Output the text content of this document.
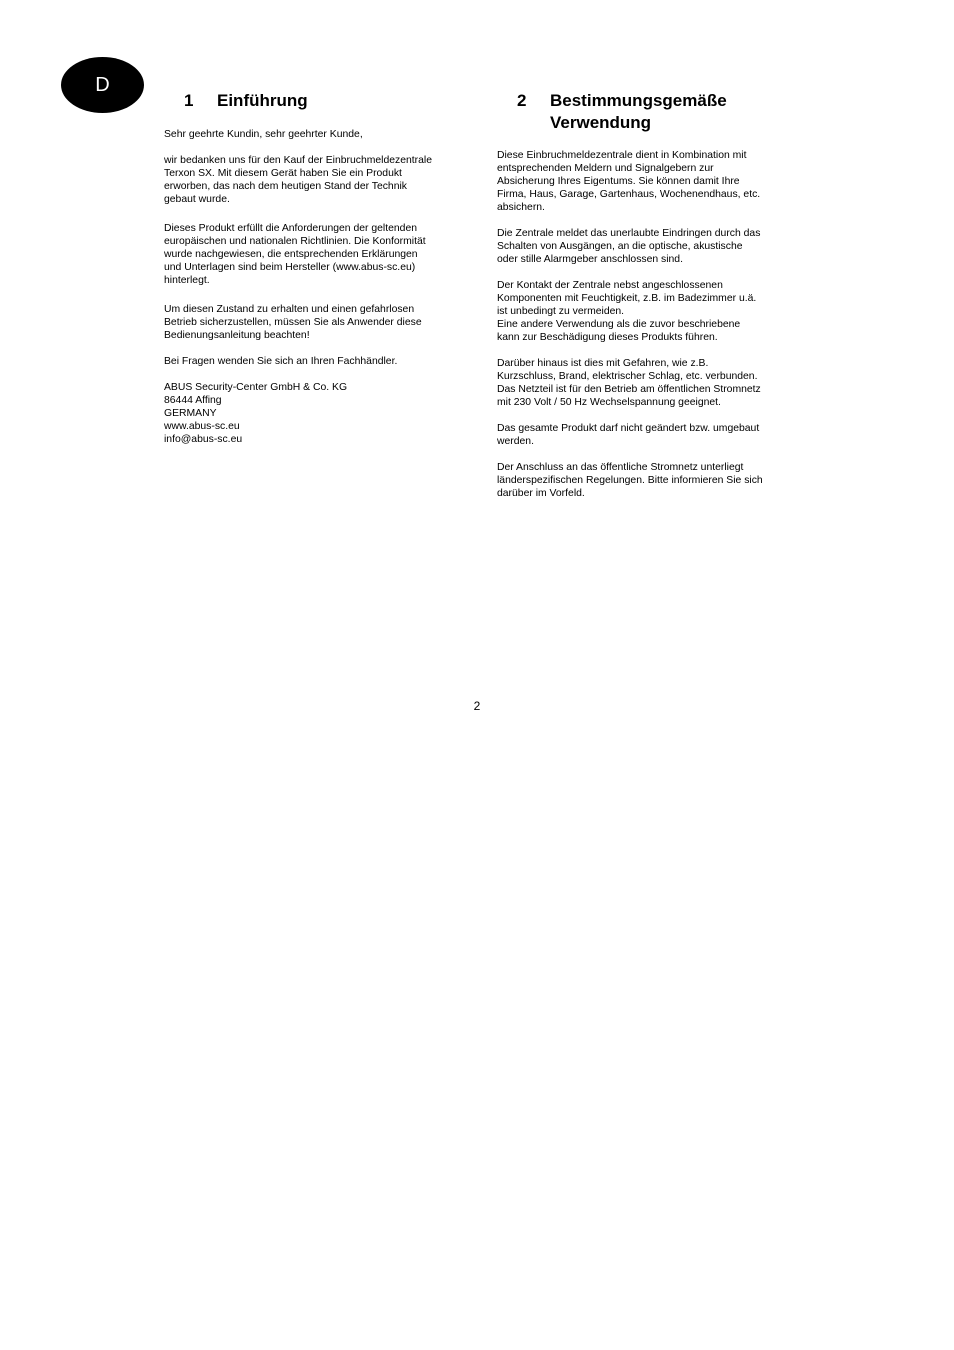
D
1	Einführung	2	Bestimmungsgemäße
Verwendung

Sehr geehrte Kundin, sehr geehrter Kunde,

wir bedanken uns für den Kauf der Einbruchmeldezentrale
Terxon SX. Mit diesem Gerät haben Sie ein Produkt
erworben, das nach dem heutigen Stand der Technik
gebaut wurde.

Dieses Produkt erfüllt die Anforderungen der geltenden
europäischen und nationalen Richtlinien. Die Konformität
wurde nachgewiesen, die entsprechenden Erklärungen
und Unterlagen sind beim Hersteller (www.abus-sc.eu)
hinterlegt.

Um diesen Zustand zu erhalten und einen gefahrlosen
Betrieb sicherzustellen, müssen Sie als Anwender diese
Bedienungsanleitung beachten!

Bei Fragen wenden Sie sich an Ihren Fachhändler.

ABUS Security-Center GmbH & Co. KG
86444 Affing
GERMANY
www.abus-sc.eu
info@abus-sc.eu

Diese Einbruchmeldezentrale dient in Kombination mit
entsprechenden Meldern und Signalgebern zur
Absicherung Ihres Eigentums. Sie können damit Ihre
Firma, Haus, Garage, Gartenhaus, Wochenendhaus, etc.
absichern.

Die Zentrale meldet das unerlaubte Eindringen durch das
Schalten von Ausgängen, an die optische, akustische
oder stille Alarmgeber anschlossen sind.

Der Kontakt der Zentrale nebst angeschlossenen
Komponenten mit Feuchtigkeit, z.B. im Badezimmer u.ä.
ist unbedingt zu vermeiden.
Eine andere Verwendung als die zuvor beschriebene
kann zur Beschädigung dieses Produkts führen.

Darüber hinaus ist dies mit Gefahren, wie z.B.
Kurzschluss, Brand, elektrischer Schlag, etc. verbunden.
Das Netzteil ist für den Betrieb am öffentlichen Stromnetz
mit 230 Volt / 50 Hz Wechselspannung geeignet.

Das gesamte Produkt darf nicht geändert bzw. umgebaut
werden.

Der Anschluss an das öffentliche Stromnetz unterliegt
länderspezifischen Regelungen. Bitte informieren Sie sich
darüber im Vorfeld.

2
